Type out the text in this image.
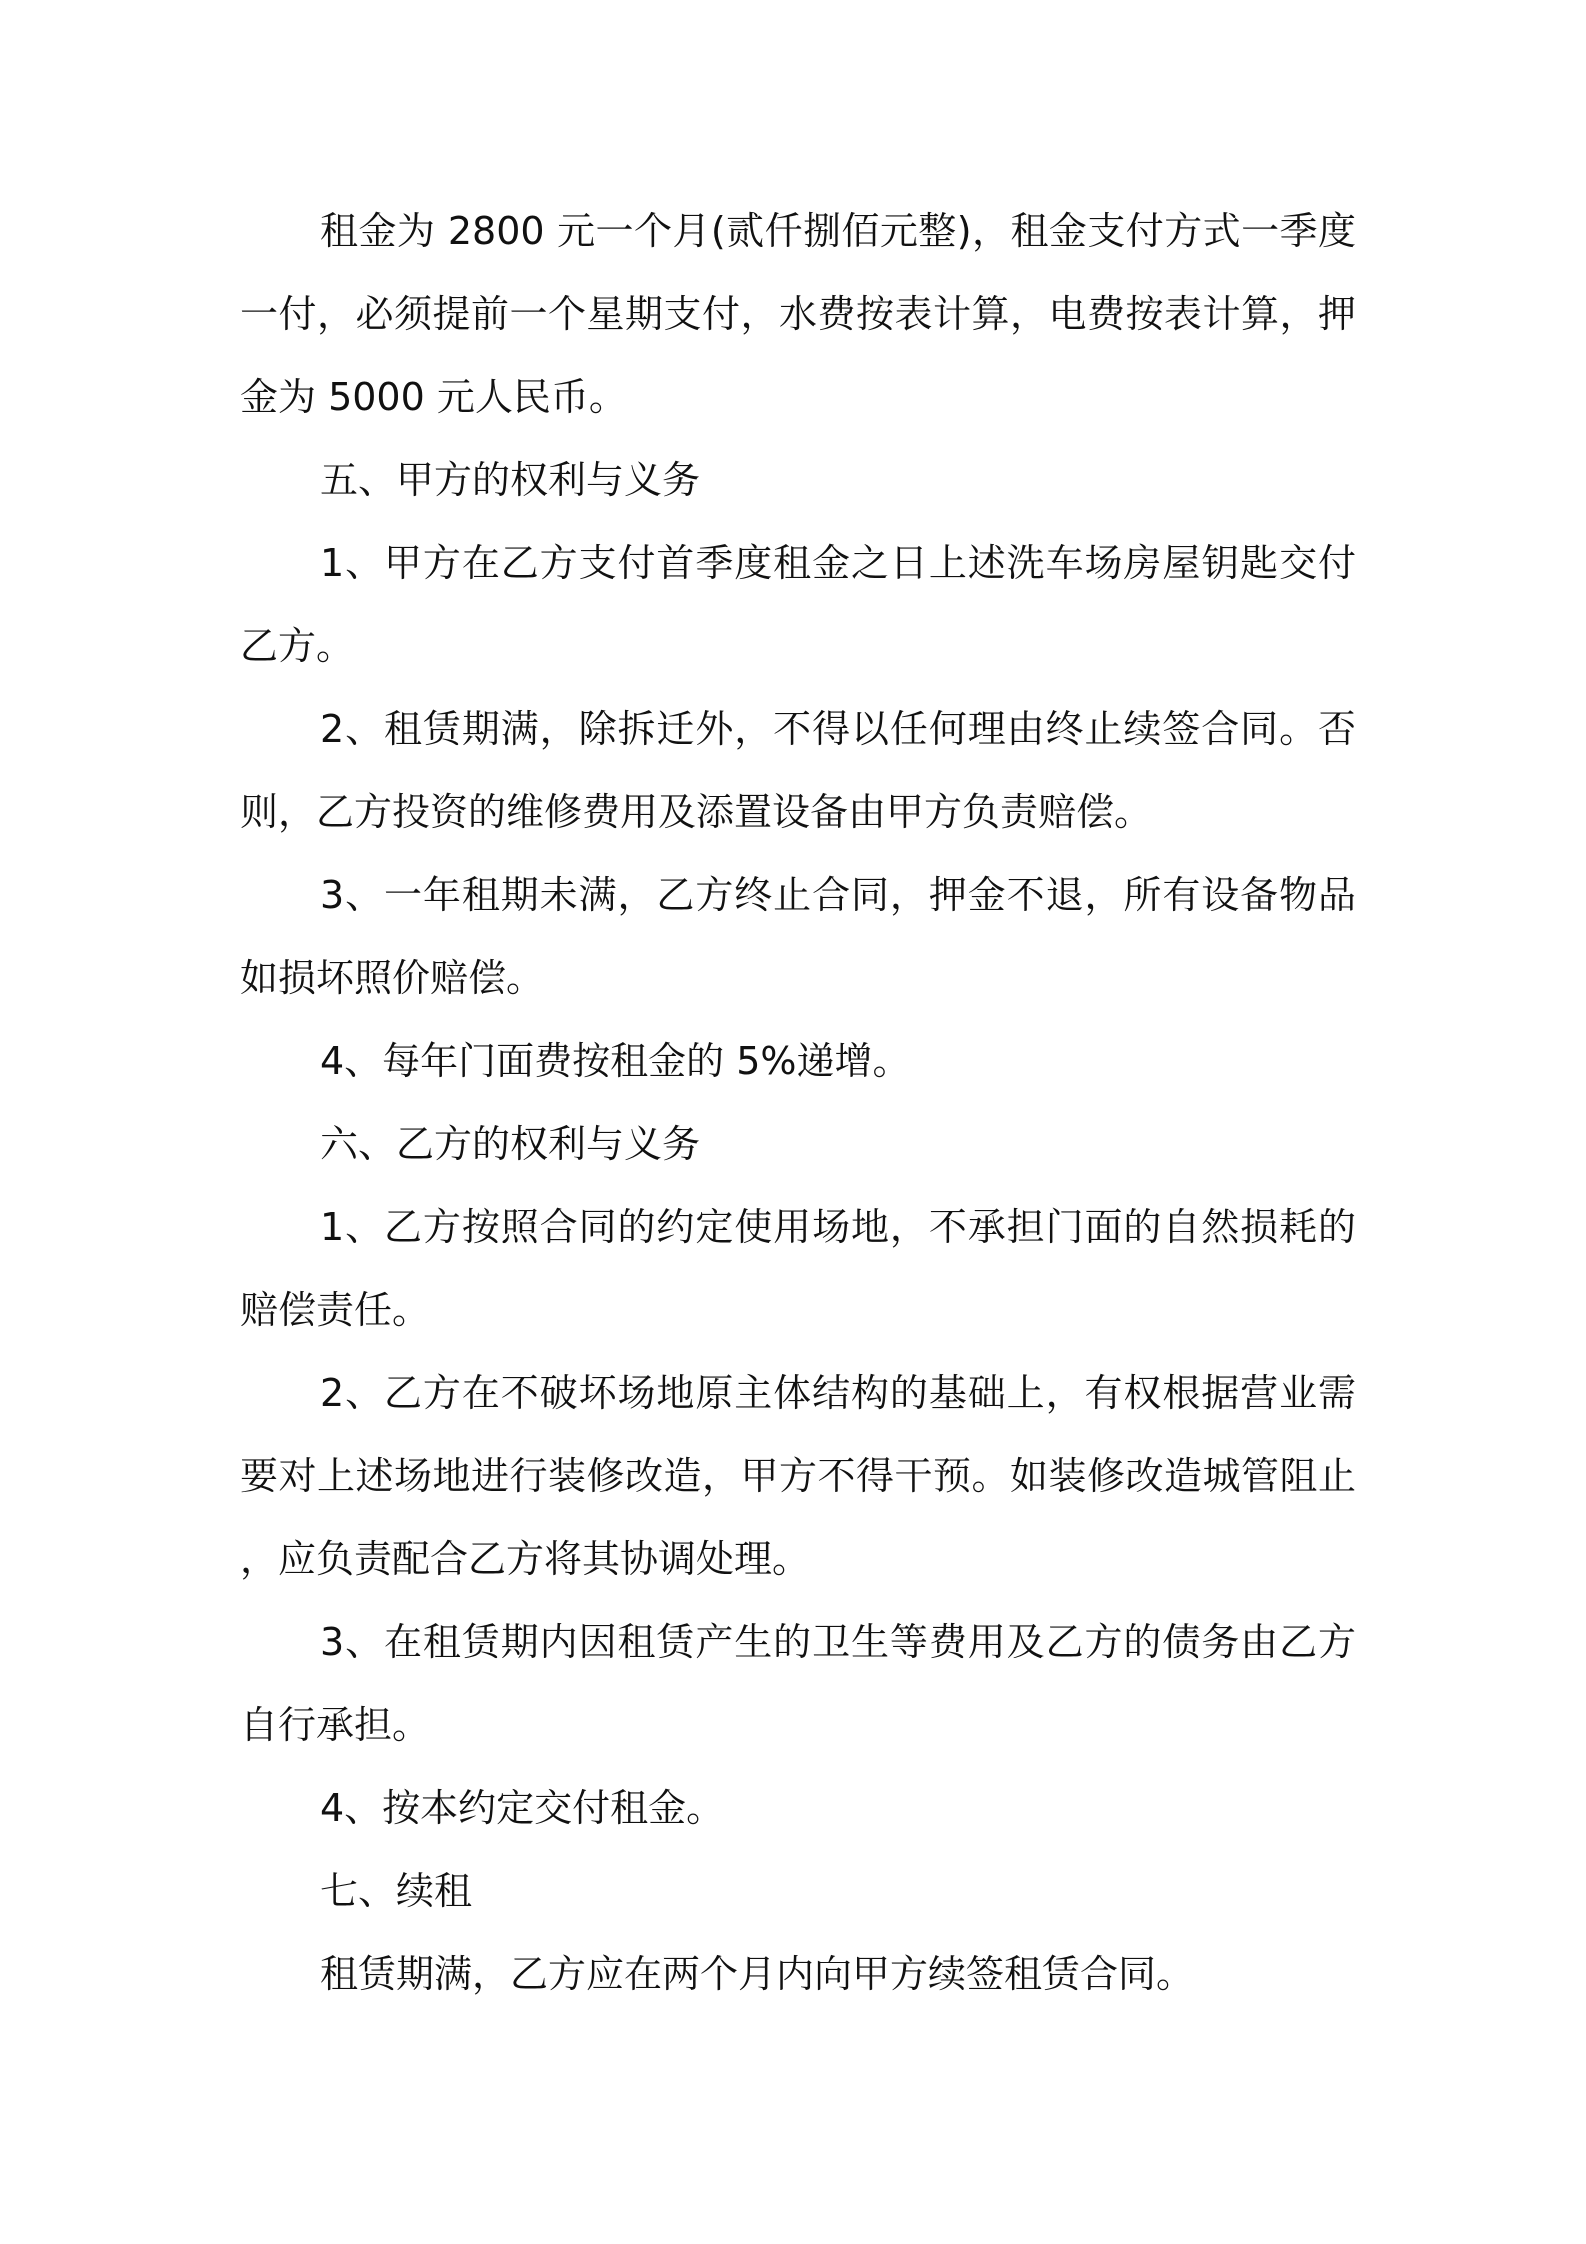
租金为 2800 元一个月(贰仟捌佰元整)，租金支付方式一季度一付，必须提前一个星期支付，水费按表计算，电费按表计算，押金为 5000 元人民币。

五、甲方的权利与义务

1、甲方在乙方支付首季度租金之日上述洗车场房屋钥匙交付乙方。

2、租赁期满，除拆迁外，不得以任何理由终止续签合同。否则，乙方投资的维修费用及添置设备由甲方负责赔偿。

3、一年租期未满，乙方终止合同，押金不退，所有设备物品如损坏照价赔偿。

4、每年门面费按租金的 5%递增。

六、乙方的权利与义务

1、乙方按照合同的约定使用场地，不承担门面的自然损耗的赔偿责任。

2、乙方在不破坏场地原主体结构的基础上，有权根据营业需要对上述场地进行装修改造，甲方不得干预。如装修改造城管阻止，应负责配合乙方将其协调处理。

3、在租赁期内因租赁产生的卫生等费用及乙方的债务由乙方自行承担。

4、按本约定交付租金。

七、续租

租赁期满，乙方应在两个月内向甲方续签租赁合同。
